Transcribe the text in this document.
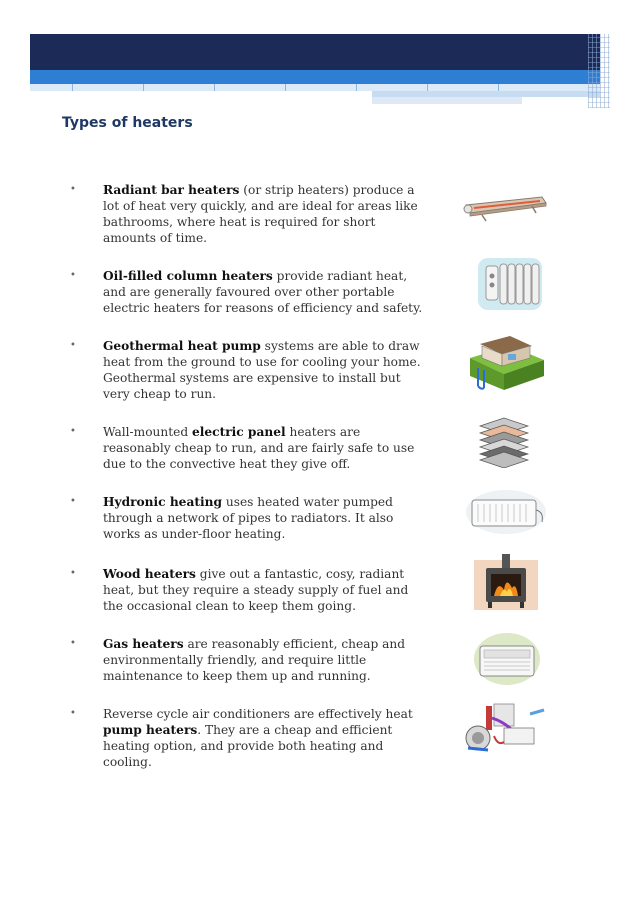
Types of heaters
• Radiant bar heaters (or strip heaters) produce a lot of heat very quickly, and are ideal for areas like bathrooms, where heat is required for short amounts of time.
• Oil-filled column heaters provide radiant heat, and are generally favoured over other portable electric heaters for reasons of efficiency and safety.
• Geothermal heat pump systems are able to draw heat from the ground to use for cooling your home. Geothermal systems are expensive to install but very cheap to run.
• Wall-mounted electric panel heaters are reasonably cheap to run, and are fairly safe to use due to the convective heat they give off.
• Hydronic heating uses heated water pumped through a network of pipes to radiators. It also works as under-floor heating.
• Wood heaters give out a fantastic, cosy, radiant heat, but they require a steady supply of fuel and the occasional clean to keep them going.
• Gas heaters are reasonably efficient, cheap and environmentally friendly, and require little maintenance to keep them up and running.
• Reverse cycle air conditioners are effectively heat pump heaters. They are a cheap and efficient heating option, and provide both heating and cooling.
